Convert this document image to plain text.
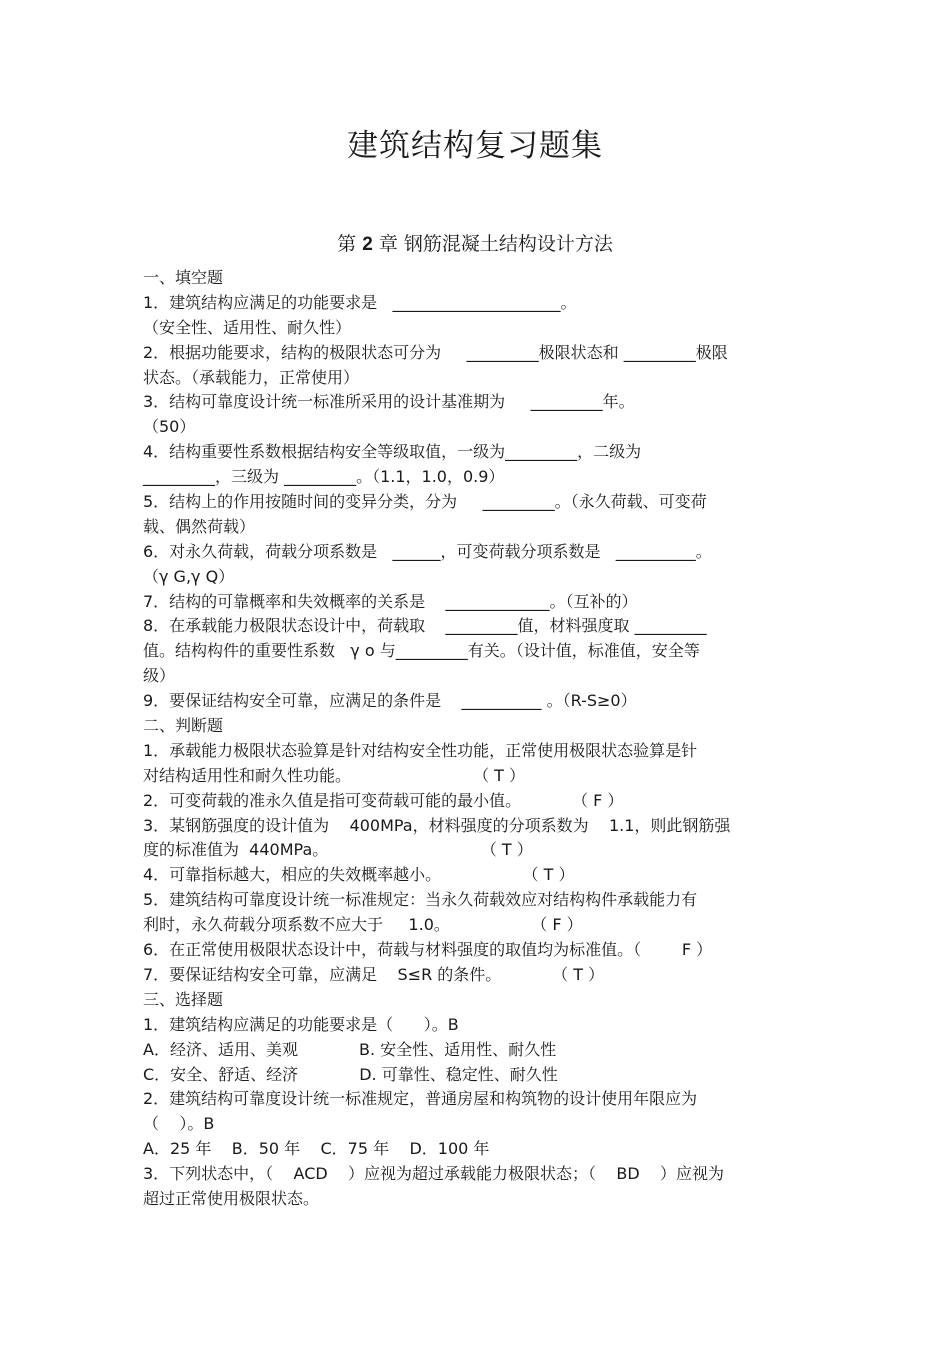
建筑结构复习题集
第 2 章 钢筋混凝土结构设计方法
一、填空题
1．建筑结构应满足的功能要求是   _____________________。
（安全性、适用性、耐久性）
2．根据功能要求，结构的极限状态可分为     _________极限状态和 _________极限
状态。（承载能力，正常使用）
3．结构可靠度设计统一标准所采用的设计基准期为     _________年。
（50）
4．结构重要性系数根据结构安全等级取值，一级为_________，二级为
_________，三级为 _________。（1.1，1.0，0.9）
5．结构上的作用按随时间的变异分类，分为     _________。（永久荷载、可变荷
载、偶然荷载）
6．对永久荷载，荷载分项系数是   ______，可变荷载分项系数是   __________。
（γ G,γ Q）
7．结构的可靠概率和失效概率的关系是    _____________。（互补的）
8．在承载能力极限状态设计中，荷载取    _________值，材料强度取 _________
值。结构构件的重要性系数   γ o 与_________有关。（设计值，标准值，安全等
级）
9．要保证结构安全可靠，应满足的条件是    __________ 。（R-S≥0）
二、判断题
1．承载能力极限状态验算是针对结构安全性功能，正常使用极限状态验算是针
对结构适用性和耐久性功能。                        （ T ）
2．可变荷载的准永久值是指可变荷载可能的最小值。          （ F ）
3．某钢筋强度的设计值为    400MPa，材料强度的分项系数为    1.1，则此钢筋强
度的标准值为  440MPa。                              （ T ）
4．可靠指标越大，相应的失效概率越小。                （ T ）
5．建筑结构可靠度设计统一标准规定：当永久荷载效应对结构构件承载能力有
利时，永久荷载分项系数不应大于     1.0。                （ F ）
6．在正常使用极限状态设计中，荷载与材料强度的取值均为标准值。（        F ）
7．要保证结构安全可靠，应满足    S≤R 的条件。          （ T ）
三、选择题
1．建筑结构应满足的功能要求是（      ）。B
A．经济、适用、美观            B. 安全性、适用性、耐久性
C．安全、舒适、经济            D. 可靠性、稳定性、耐久性
2．建筑结构可靠度设计统一标准规定，普通房屋和构筑物的设计使用年限应为
（    ）。B
A．25 年    B．50 年    C．75 年    D．100 年
3．下列状态中，（    ACD    ）应视为超过承载能力极限状态；（    BD    ）应视为
超过正常使用极限状态。
